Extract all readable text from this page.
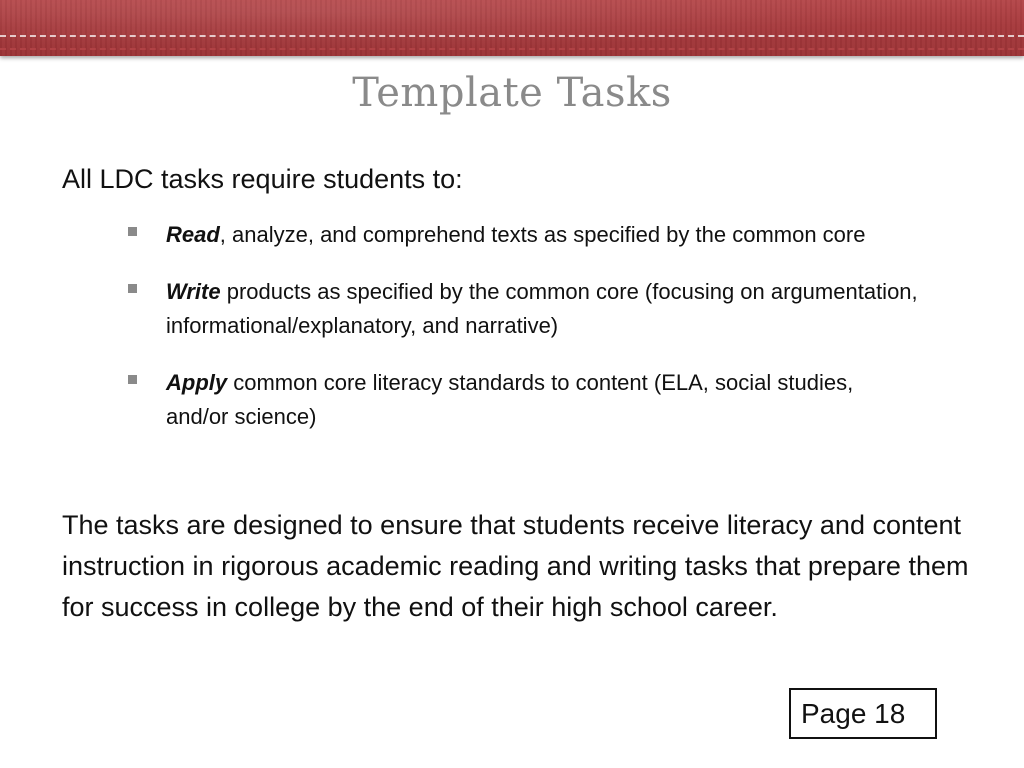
Template Tasks

All LDC tasks require students to:

Read, analyze, and comprehend texts as specified by the common core
Write products as specified by the common core (focusing on argumentation, informational/explanatory, and narrative)
Apply common core literacy standards to content (ELA, social studies, and/or science)

The tasks are designed to ensure that students receive literacy and content instruction in rigorous academic reading and writing tasks that prepare them for success in college by the end of their high school career.

Page 18
